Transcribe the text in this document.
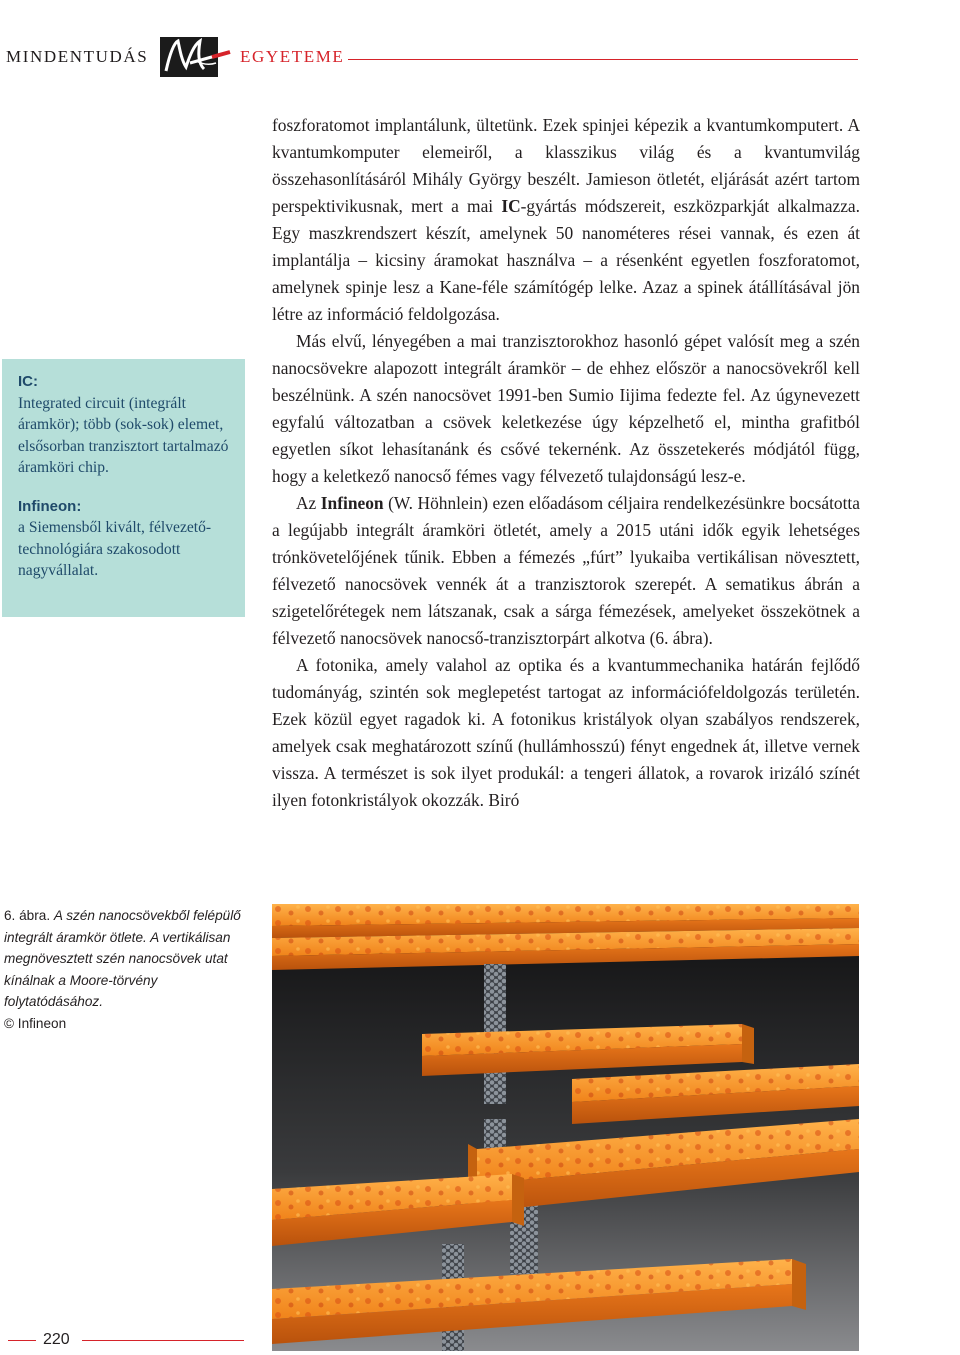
MINDENTUDÁS	EGYETEME

foszforatomot implantálunk, ültetünk. Ezek spinjei képezik a kvantumkomputert. A kvantumkomputer elemeiről, a klasszikus világ és a kvantumvilág összehasonlításáról Mihály György beszélt. Jamieson ötletét, eljárását azért tartom perspektivikusnak, mert a mai IC-gyártás módszereit, eszközparkját alkalmazza. Egy maszkrendszert készít, amelynek 50 nanométeres rései vannak, és ezen át implantálja – kicsiny áramokat használva – a résenként egyetlen foszforatomot, amelynek spinje lesz a Kane-féle számítógép lelke. Azaz a spinek átállításával jön létre az információ feldolgozása.

Más elvű, lényegében a mai tranzisztorokhoz hasonló gépet valósít meg a szén nanocsövekre alapozott integrált áramkör – de ehhez először a nanocsövekről kell beszélnünk. A szén nanocsövet 1991-ben Sumio Iijima fedezte fel. Az úgynevezett egyfalú változatban a csövek keletkezése úgy képzelhető el, mintha grafitból egyetlen síkot lehasítanánk és csővé tekernénk. Az összetekerés módjától függ, hogy a keletkező nanocső fémes vagy félvezető tulajdonságú lesz-e.

Az Infineon (W. Höhnlein) ezen előadásom céljaira rendelkezésünkre bocsátotta a legújabb integrált áramköri ötletét, amely a 2015 utáni idők egyik lehetséges trónkövetelőjének tűnik. Ebben a fémezés „fúrt” lyukaiba vertikálisan növesztett, félvezető nanocsövek vennék át a tranzisztorok szerepét. A sematikus ábrán a szigetelőrétegek nem látszanak, csak a sárga fémezések, amelyeket összekötnek a félvezető nanocsövek nanocső-tranzisztorpárt alkotva (6. ábra).

A fotonika, amely valahol az optika és a kvantummechanika határán fejlődő tudományág, szintén sok meglepetést tartogat az információfeldolgozás területén. Ezek közül egyet ragadok ki. A fotonikus kristályok olyan szabályos rendszerek, amelyek csak meghatározott színű (hullámhosszú) fényt engednek át, illetve vernek vissza. A természet is sok ilyet produkál: a tengeri állatok, a rovarok irizáló színét ilyen fotonkristályok okozzák. Biró

IC:
Integrated circuit (integrált áramkör); több (sok-sok) elemet, elsősorban tranzisztort tartalmazó áramköri chip.
Infineon:
a Siemensből kivált, félvezető-technológiára szakosodott nagyvállalat.
6. ábra. A szén nanocsövekből felépülő integrált áramkör ötlete. A vertikálisan megnövesztett szén nanocsövek utat kínálnak a Moore-törvény folytatódásához.
© Infineon
220
